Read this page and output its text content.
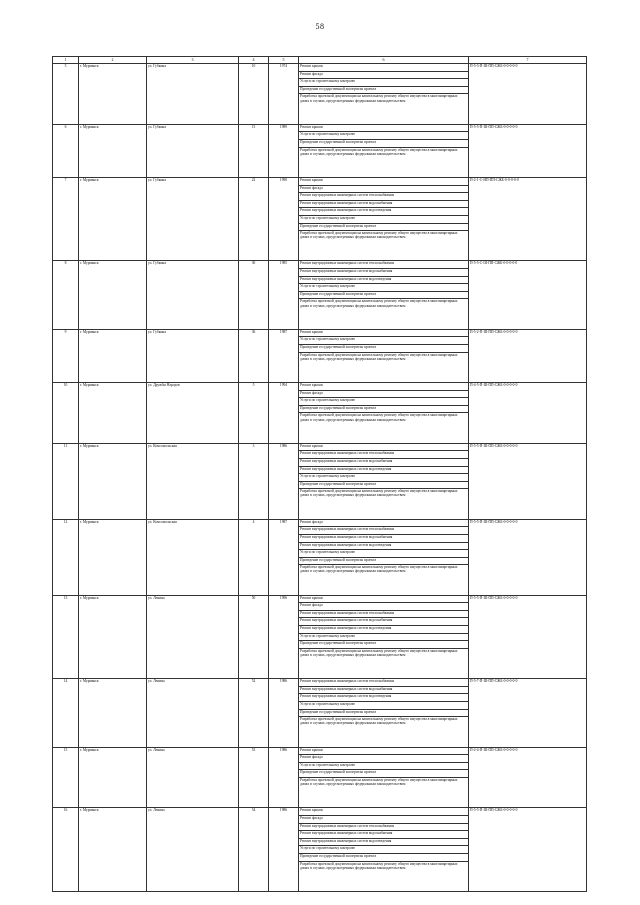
58
1	2	3	4	5	6	7
5	г. Мурманск	ул. Губкина	10	1974	Ремонт крыши	П-5-3-П-Ш-ПП-СЖБ-0-0-0-0-0
					Ремонт фасада	
					Услуги по строительному контролю	
					Проведение государственной экспертизы проекта	
					Разработка проектной документации на капитальному ремонту общего имущества в многоквартирных домах в случаях, предусмотренных федеральным законодательством	
6	г. Мурманск	ул. Губкина	15	1989	Ремонт крыши	П-5-5-П-Ш-ПП-СЖБ-0-0-0-0-0
					Услуги по строительному контролю	
					Проведение государственной экспертизы проекта	
					Разработка проектной документации на капитальному ремонту общего имущества в многоквартирных домах в случаях, предусмотренных федеральным законодательством	
7	г. Мурманск	ул. Губкина	22	1990	Ремонт крыши	П-2-1-С-ИП-ПП-СЖБ-0-0-0-0-0
					Ремонт фасада	
					Ремонт внутридомовых инженерных систем теплоснабжения	
					Ремонт внутридомовых инженерных систем водоснабжения	
					Ремонт внутридомовых инженерных систем водоотведения	
					Услуги по строительному контролю	
					Проведение государственной экспертизы проекта	
					Разработка проектной документации на капитальному ремонту общего имущества в многоквартирных домах в случаях, предусмотренных федеральным законодательством	
8	г. Мурманск	ул. Губкина	30	1985	Ремонт внутридомовых инженерных систем теплоснабжения	П-5-5-С-Ш-ПП-СЖБ-0-0-0-0-0
					Ремонт внутридомовых инженерных систем водоснабжения	
					Ремонт внутридомовых инженерных систем водоотведения	
					Услуги по строительному контролю	
					Проведение государственной экспертизы проекта	
					Разработка проектной документации на капитальному ремонту общего имущества в многоквартирных домах в случаях, предусмотренных федеральным законодательством	
9	г. Мурманск	ул. Губкина	36	1987	Ремонт крыши	П-5-2-П-Ш-ПП-СЖБ-0-0-0-0-0
					Услуги по строительному контролю	
					Проведение государственной экспертизы проекта	
					Разработка проектной документации на капитальному ремонту общего имущества в многоквартирных домах в случаях, предусмотренных федеральным законодательством	
10	г. Мурманск	ул. Дружбы Народов	5	1994	Ремонт крыши	П-4-5-П-Ш-ПП-СЖБ-0-0-0-0-0
					Ремонт фасада	
					Услуги по строительному контролю	
					Проведение государственной экспертизы проекта	
					Разработка проектной документации на капитальному ремонту общего имущества в многоквартирных домах в случаях, предусмотренных федеральным законодательством	
11	г. Мурманск	ул. Комсомольская	3	1986	Ремонт крыши	П-5-5-П-Ш-ПП-СЖБ-0-0-0-0-0
					Ремонт внутридомовых инженерных систем теплоснабжения	
					Ремонт внутридомовых инженерных систем водоснабжения	
					Ремонт внутридомовых инженерных систем водоотведения	
					Услуги по строительному контролю	
					Проведение государственной экспертизы проекта	
					Разработка проектной документации на капитальному ремонту общего имущества в многоквартирных домах в случаях, предусмотренных федеральным законодательством	
12	г. Мурманск	ул. Комсомольская	4	1987	Ремонт фасада	П-5-5-П-Ш-ПП-СЖБ-0-0-0-0-0
					Ремонт внутридомовых инженерных систем теплоснабжения	
					Ремонт внутридомовых инженерных систем водоснабжения	
					Ремонт внутридомовых инженерных систем водоотведения	
					Услуги по строительному контролю	
					Проведение государственной экспертизы проекта	
					Разработка проектной документации на капитальному ремонту общего имущества в многоквартирных домах в случаях, предусмотренных федеральным законодательством	
13	г. Мурманск	ул. Ленина	50	1996	Ремонт крыши	П-5-5-П-Ш-ПП-СЖБ-0-0-0-0-0
					Ремонт фасада	
					Ремонт внутридомовых инженерных систем теплоснабжения	
					Ремонт внутридомовых инженерных систем водоснабжения	
					Ремонт внутридомовых инженерных систем водоотведения	
					Услуги по строительному контролю	
					Проведение государственной экспертизы проекта	
					Разработка проектной документации на капитальному ремонту общего имущества в многоквартирных домах в случаях, предусмотренных федеральным законодательством	
14	г. Мурманск	ул. Ленина	52	1986	Ремонт внутридомовых инженерных систем теплоснабжения	П-5-7-П-Ш-ПП-СЖБ-0-0-0-0-0
					Ремонт внутридомовых инженерных систем водоснабжения	
					Ремонт внутридомовых инженерных систем водоотведения	
					Услуги по строительному контролю	
					Проведение государственной экспертизы проекта	
					Разработка проектной документации на капитальному ремонту общего имущества в многоквартирных домах в случаях, предусмотренных федеральным законодательством	
15	г. Мурманск	ул. Ленина	53	1986	Ремонт крыши	П-2-4-П-Ш-ПП-СЖБ-0-0-0-0-0
					Ремонт фасада	
					Услуги по строительному контролю	
					Проведение государственной экспертизы проекта	
					Разработка проектной документации на капитальному ремонту общего имущества в многоквартирных домах в случаях, предусмотренных федеральным законодательством	
16	г. Мурманск	ул. Ленина	54	1986	Ремонт крыши	П-5-5-П-Ш-ПП-СЖБ-0-0-0-0-0
					Ремонт фасада	
					Ремонт внутридомовых инженерных систем теплоснабжения	
					Ремонт внутридомовых инженерных систем водоснабжения	
					Ремонт внутридомовых инженерных систем водоотведения	
					Услуги по строительному контролю	
					Проведение государственной экспертизы проекта	
					Разработка проектной документации на капитальному ремонту общего имущества в многоквартирных домах в случаях, предусмотренных федеральным законодательством	
